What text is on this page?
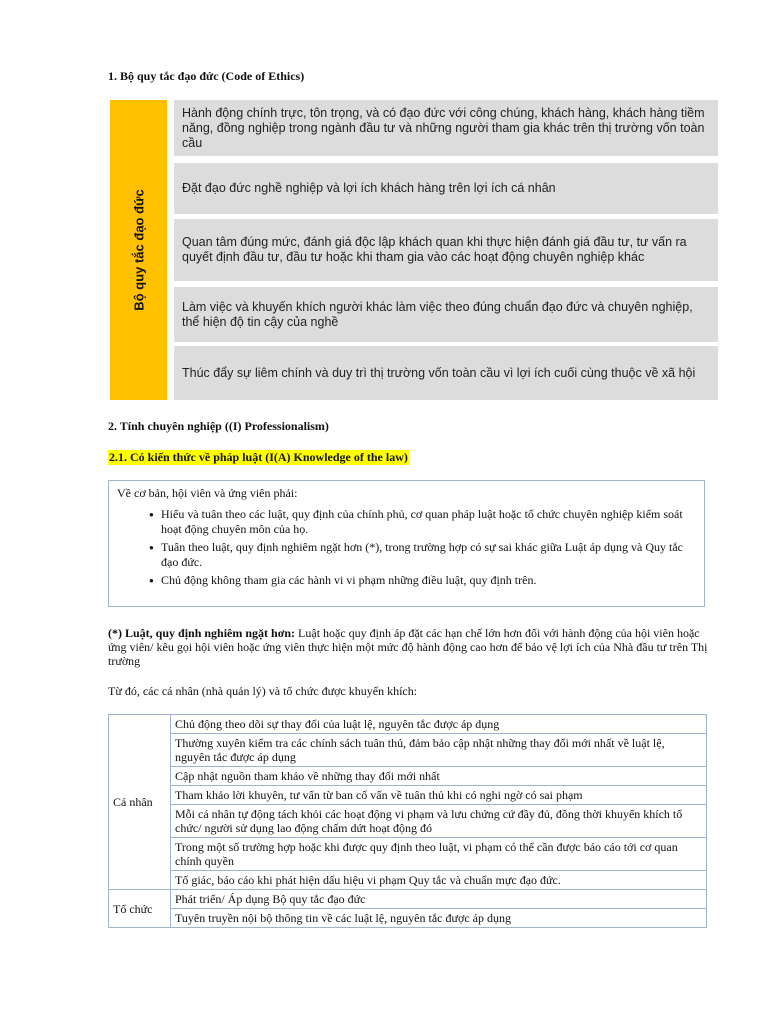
1. Bộ quy tắc đạo đức (Code of Ethics)
Bộ quy tắc đạo đức
Hành động chính trực, tôn trọng, và có đạo đức với công chúng, khách hàng, khách hàng tiềm năng, đồng nghiệp trong ngành đầu tư và những người tham gia khác trên thị trường vốn toàn cầu
Đặt đạo đức nghề nghiệp và lợi ích khách hàng trên lợi ích cá nhân
Quan tâm đúng mức, đánh giá độc lập khách quan khi thực hiện đánh giá đầu tư, tư vấn ra quyết định đầu tư, đầu tư hoặc khi tham gia vào các hoạt động chuyên nghiệp khác
Làm việc và khuyến khích người khác làm việc theo đúng chuẩn đạo đức và chuyên nghiệp, thể hiện độ tin cậy của nghề
Thúc đẩy sự liêm chính và duy trì thị trường vốn toàn cầu vì lợi ích cuối cùng thuộc về xã hội
2. Tính chuyên nghiệp ((I) Professionalism)
2.1. Có kiến thức về pháp luật (I(A) Knowledge of the law)
Về cơ bản, hội viên và ứng viên phải:
● Hiểu và tuân theo các luật, quy định của chính phủ, cơ quan pháp luật hoặc tổ chức chuyên nghiệp kiểm soát hoạt động chuyên môn của họ.
● Tuân theo luật, quy định nghiêm ngặt hơn (*), trong trường hợp có sự sai khác giữa Luật áp dụng và Quy tắc đạo đức.
● Chủ động không tham gia các hành vi vi phạm những điều luật, quy định trên.
(*) Luật, quy định nghiêm ngặt hơn: Luật hoặc quy định áp đặt các hạn chế lớn hơn đối với hành động của hội viên hoặc ứng viên/ kêu gọi hội viên hoặc ứng viên thực hiện một mức độ hành động cao hơn để bảo vệ lợi ích của Nhà đầu tư trên Thị trường
Từ đó, các cá nhân (nhà quản lý) và tổ chức được khuyến khích:
Cá nhân	Chủ động theo dõi sự thay đổi của luật lệ, nguyên tắc được áp dụng
	Thường xuyên kiểm tra các chính sách tuân thủ, đảm bảo cập nhật những thay đổi mới nhất về luật lệ, nguyên tắc được áp dụng
	Cập nhật nguồn tham khảo về những thay đổi mới nhất
	Tham khảo lời khuyên, tư vấn từ ban cố vấn về tuân thủ khi có nghi ngờ có sai phạm
	Mỗi cá nhân tự động tách khỏi các hoạt động vi phạm và lưu chứng cứ đầy đủ, đồng thời khuyến khích tổ chức/ người sử dụng lao động chấm dứt hoạt động đó
	Trong một số trường hợp hoặc khi được quy định theo luật, vi phạm có thể cần được báo cáo tới cơ quan chính quyền
	Tố giác, báo cáo khi phát hiện dấu hiệu vi phạm Quy tắc và chuẩn mực đạo đức.
Tổ chức	Phát triển/ Áp dụng Bộ quy tắc đạo đức
	Tuyên truyền nội bộ thông tin về các luật lệ, nguyên tắc được áp dụng
